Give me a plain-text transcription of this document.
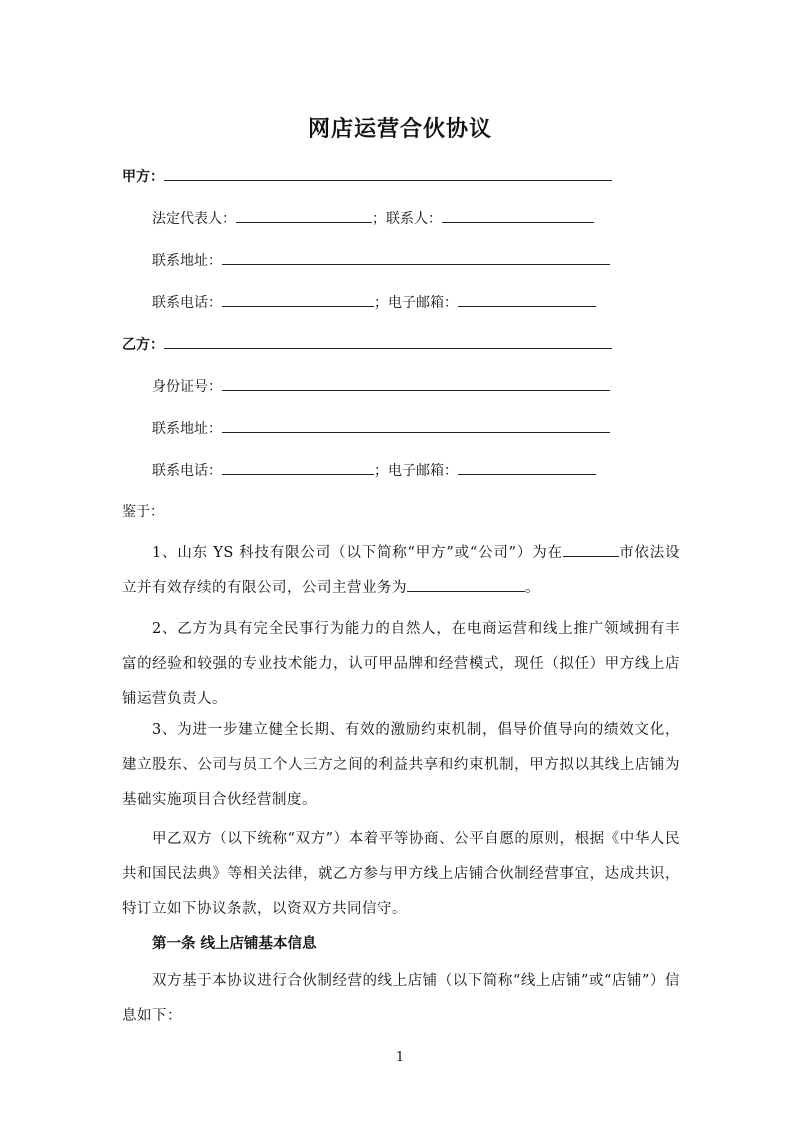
网店运营合伙协议
甲方：
法定代表人：	；联系人：
联系地址：
联系电话：	；电子邮箱：
乙方：
身份证号：
联系地址：
联系电话：	；电子邮箱：
鉴于：

1、山东 YS 科技有限公司（以下简称“甲方”或“公司”）为在	市依法设立并有效存续的有限公司，公司主营业务为	。

2、乙方为具有完全民事行为能力的自然人，在电商运营和线上推广领域拥有丰富的经验和较强的专业技术能力，认可甲品牌和经营模式，现任（拟任）甲方线上店铺运营负责人。

3、为进一步建立健全长期、有效的激励约束机制，倡导价值导向的绩效文化，建立股东、公司与员工个人三方之间的利益共享和约束机制，甲方拟以其线上店铺为基础实施项目合伙经营制度。

甲乙双方（以下统称“双方”）本着平等协商、公平自愿的原则，根据《中华人民共和国民法典》等相关法律，就乙方参与甲方线上店铺合伙制经营事宜，达成共识，特订立如下协议条款，以资双方共同信守。

第一条 线上店铺基本信息

双方基于本协议进行合伙制经营的线上店铺（以下简称“线上店铺”或“店铺”）信息如下：

1
